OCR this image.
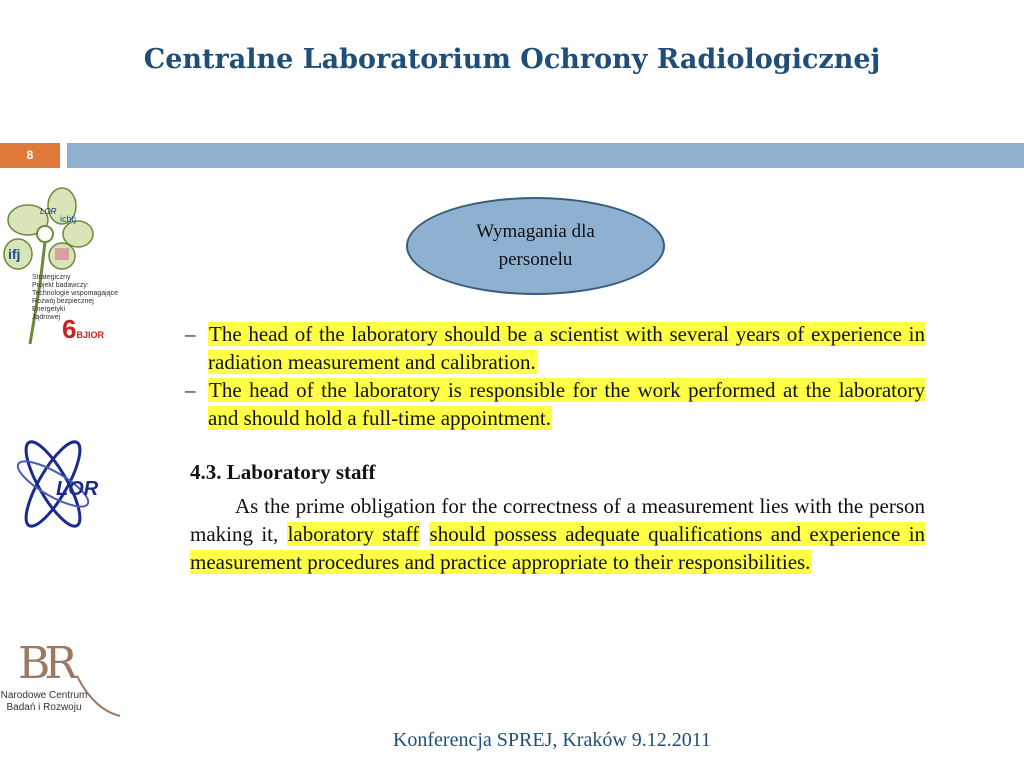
Centralne Laboratorium Ochrony Radiologicznej
8
ifj
ichtj
LOR
Strategiczny
Projekt badawczy:
Technologie wspomagające
Rozwój bezpiecznej
Energetyki
Jądrowej 6BJIOR
LOR
BR
Narodowe Centrum
Badań i Rozwoju
Wymagania dla personelu
– The head of the laboratory should be a scientist with several years of experience in radiation measurement and calibration.
– The head of the laboratory is responsible for the work performed at the laboratory and should hold a full-time appointment.
4.3. Laboratory staff
As the prime obligation for the correctness of a measurement lies with the person making it, laboratory staff should possess adequate qualifications and experience in measurement procedures and practice appropriate to their responsibilities.
Konferencja SPREJ, Kraków 9.12.2011
